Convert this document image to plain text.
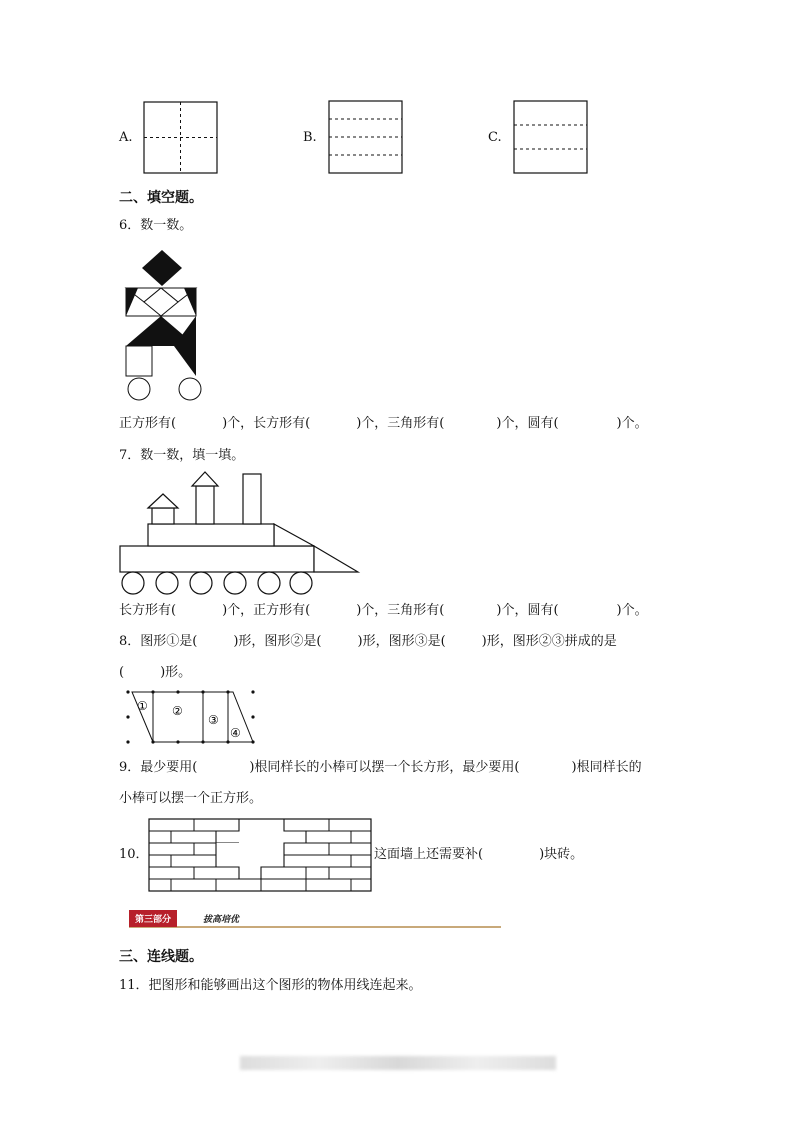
A.	B.	C.
二、填空题。
6．数一数。
正方形有(	)个，长方形有(	)个，三角形有(	)个，圆有(	)个。
7．数一数，填一填。
长方形有(	)个，正方形有(	)个，三角形有(	)个，圆有(	)个。
8．图形①是(	)形，图形②是(	)形，图形③是(	)形，图形②③拼成的是
(	)形。
① ②
③
④
9．最少要用(	)根同样长的小棒可以摆一个长方形，最少要用(	)根同样长的
小棒可以摆一个正方形。
10．	这面墙上还需要补(	)块砖。
第三部分	拔高培优
三、连线题。
11．把图形和能够画出这个图形的物体用线连起来。
